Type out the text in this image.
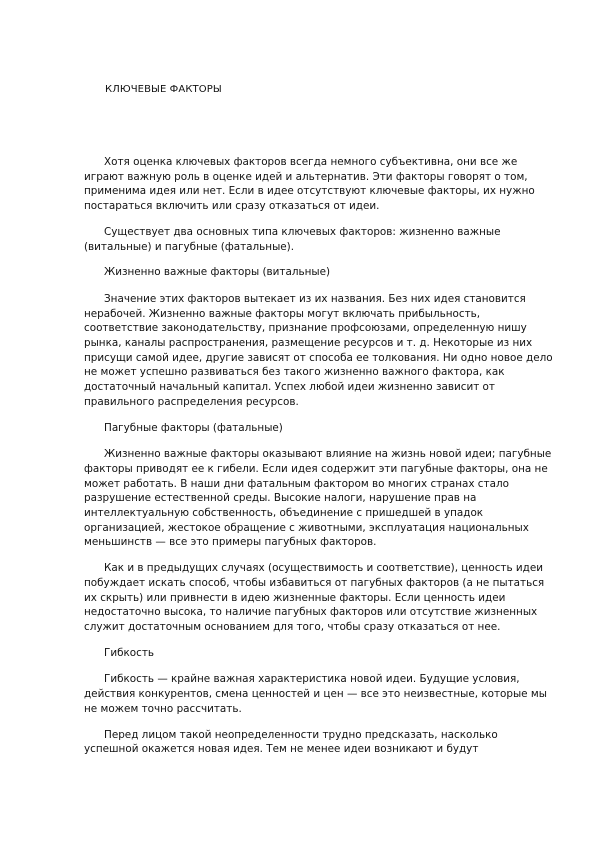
КЛЮЧЕВЫЕ ФАКТОРЫ

Хотя оценка ключевых факторов всегда немного субъективна, они все же играют важную роль в оценке идей и альтернатив. Эти факторы говорят о том, применима идея или нет. Если в идее отсутствуют ключевые факторы, их нужно постараться включить или сразу отказаться от идеи.

Существует два основных типа ключевых факторов: жизненно важные (витальные) и пагубные (фатальные).

Жизненно важные факторы (витальные)

Значение этих факторов вытекает из их названия. Без них идея становится нерабочей. Жизненно важные факторы могут включать прибыльность, соответствие законодательству, признание профсоюзами, определенную нишу рынка, каналы распространения, размещение ресурсов и т. д. Некоторые из них присущи самой идее, другие зависят от способа ее толкования. Ни одно новое дело не может успешно развиваться без такого жизненно важного фактора, как достаточный начальный капитал. Успех любой идеи жизненно зависит от правильного распределения ресурсов.

Пагубные факторы (фатальные)

Жизненно важные факторы оказывают влияние на жизнь новой идеи; пагубные факторы приводят ее к гибели. Если идея содержит эти пагубные факторы, она не может работать. В наши дни фатальным фактором во многих странах стало разрушение естественной среды. Высокие налоги, нарушение прав на интеллектуальную собственность, объединение с пришедшей в упадок организацией, жестокое обращение с животными, эксплуатация национальных меньшинств — все это примеры пагубных факторов.

Как и в предыдущих случаях (осуществимость и соответствие), ценность идеи побуждает искать способ, чтобы избавиться от пагубных факторов (а не пытаться их скрыть) или привнести в идею жизненные факторы. Если ценность идеи недостаточно высока, то наличие пагубных факторов или отсутствие жизненных служит достаточным основанием для того, чтобы сразу отказаться от нее.

Гибкость

Гибкость — крайне важная характеристика новой идеи. Будущие условия, действия конкурентов, смена ценностей и цен — все это неизвестные, которые мы не можем точно рассчитать.

Перед лицом такой неопределенности трудно предсказать, насколько успешной окажется новая идея. Тем не менее идеи возникают и будут
